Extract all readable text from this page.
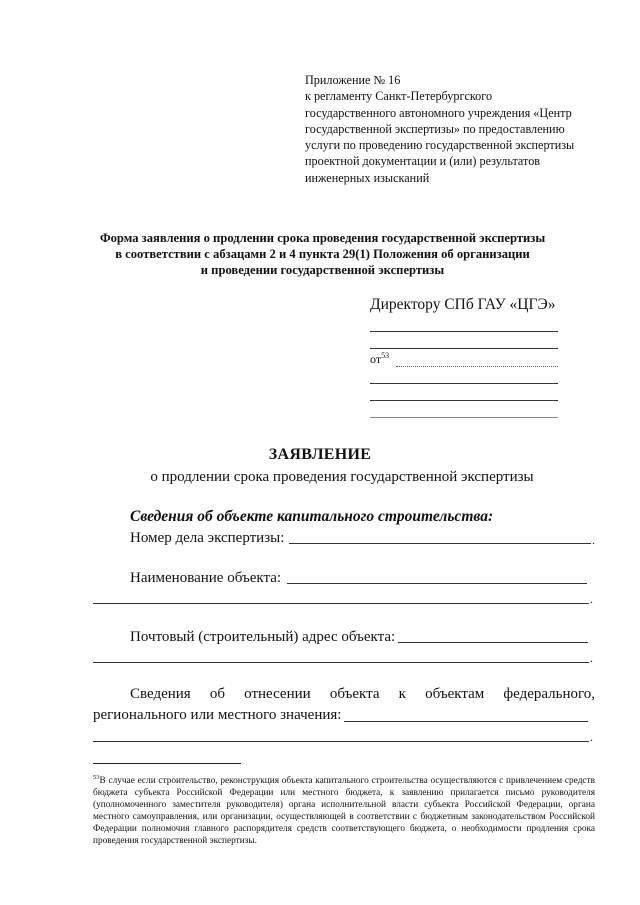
Приложение № 16
к регламенту Санкт-Петербургского
государственного автономного учреждения «Центр
государственной экспертизы» по предоставлению
услуги по проведению государственной экспертизы
проектной документации и (или) результатов
инженерных изысканий
Форма заявления о продлении срока проведения государственной экспертизы
в соответствии с абзацами 2 и 4 пункта 29(1) Положения об организации
и проведении государственной экспертизы
Директору СПб ГАУ «ЦГЭ»
$от^{53}$
ЗАЯВЛЕНИЕ
о продлении срока проведения государственной экспертизы
Сведения об объекте капитального строительства:
Номер дела экспертизы:	.
Наименование объекта:
.
Почтовый (строительный) адрес объекта:
.
Сведения об отнесении объекта к объектам федерального,
регионального или местного значения:
.
$^{53}$В случае если строительство, реконструкция объекта капитального строительства осуществляются с привлечением средств бюджета субъекта Российской Федерации или местного бюджета, к заявлению прилагается письмо руководителя (уполномоченного заместителя руководителя) органа исполнительной власти субъекта Российской Федерации, органа местного самоуправления, или организации, осуществляющей в соответствии с бюджетным законодательством Российской Федерации полномочия главного распорядителя средств соответствующего бюджета, о необходимости продления срока проведения государственной экспертизы.
